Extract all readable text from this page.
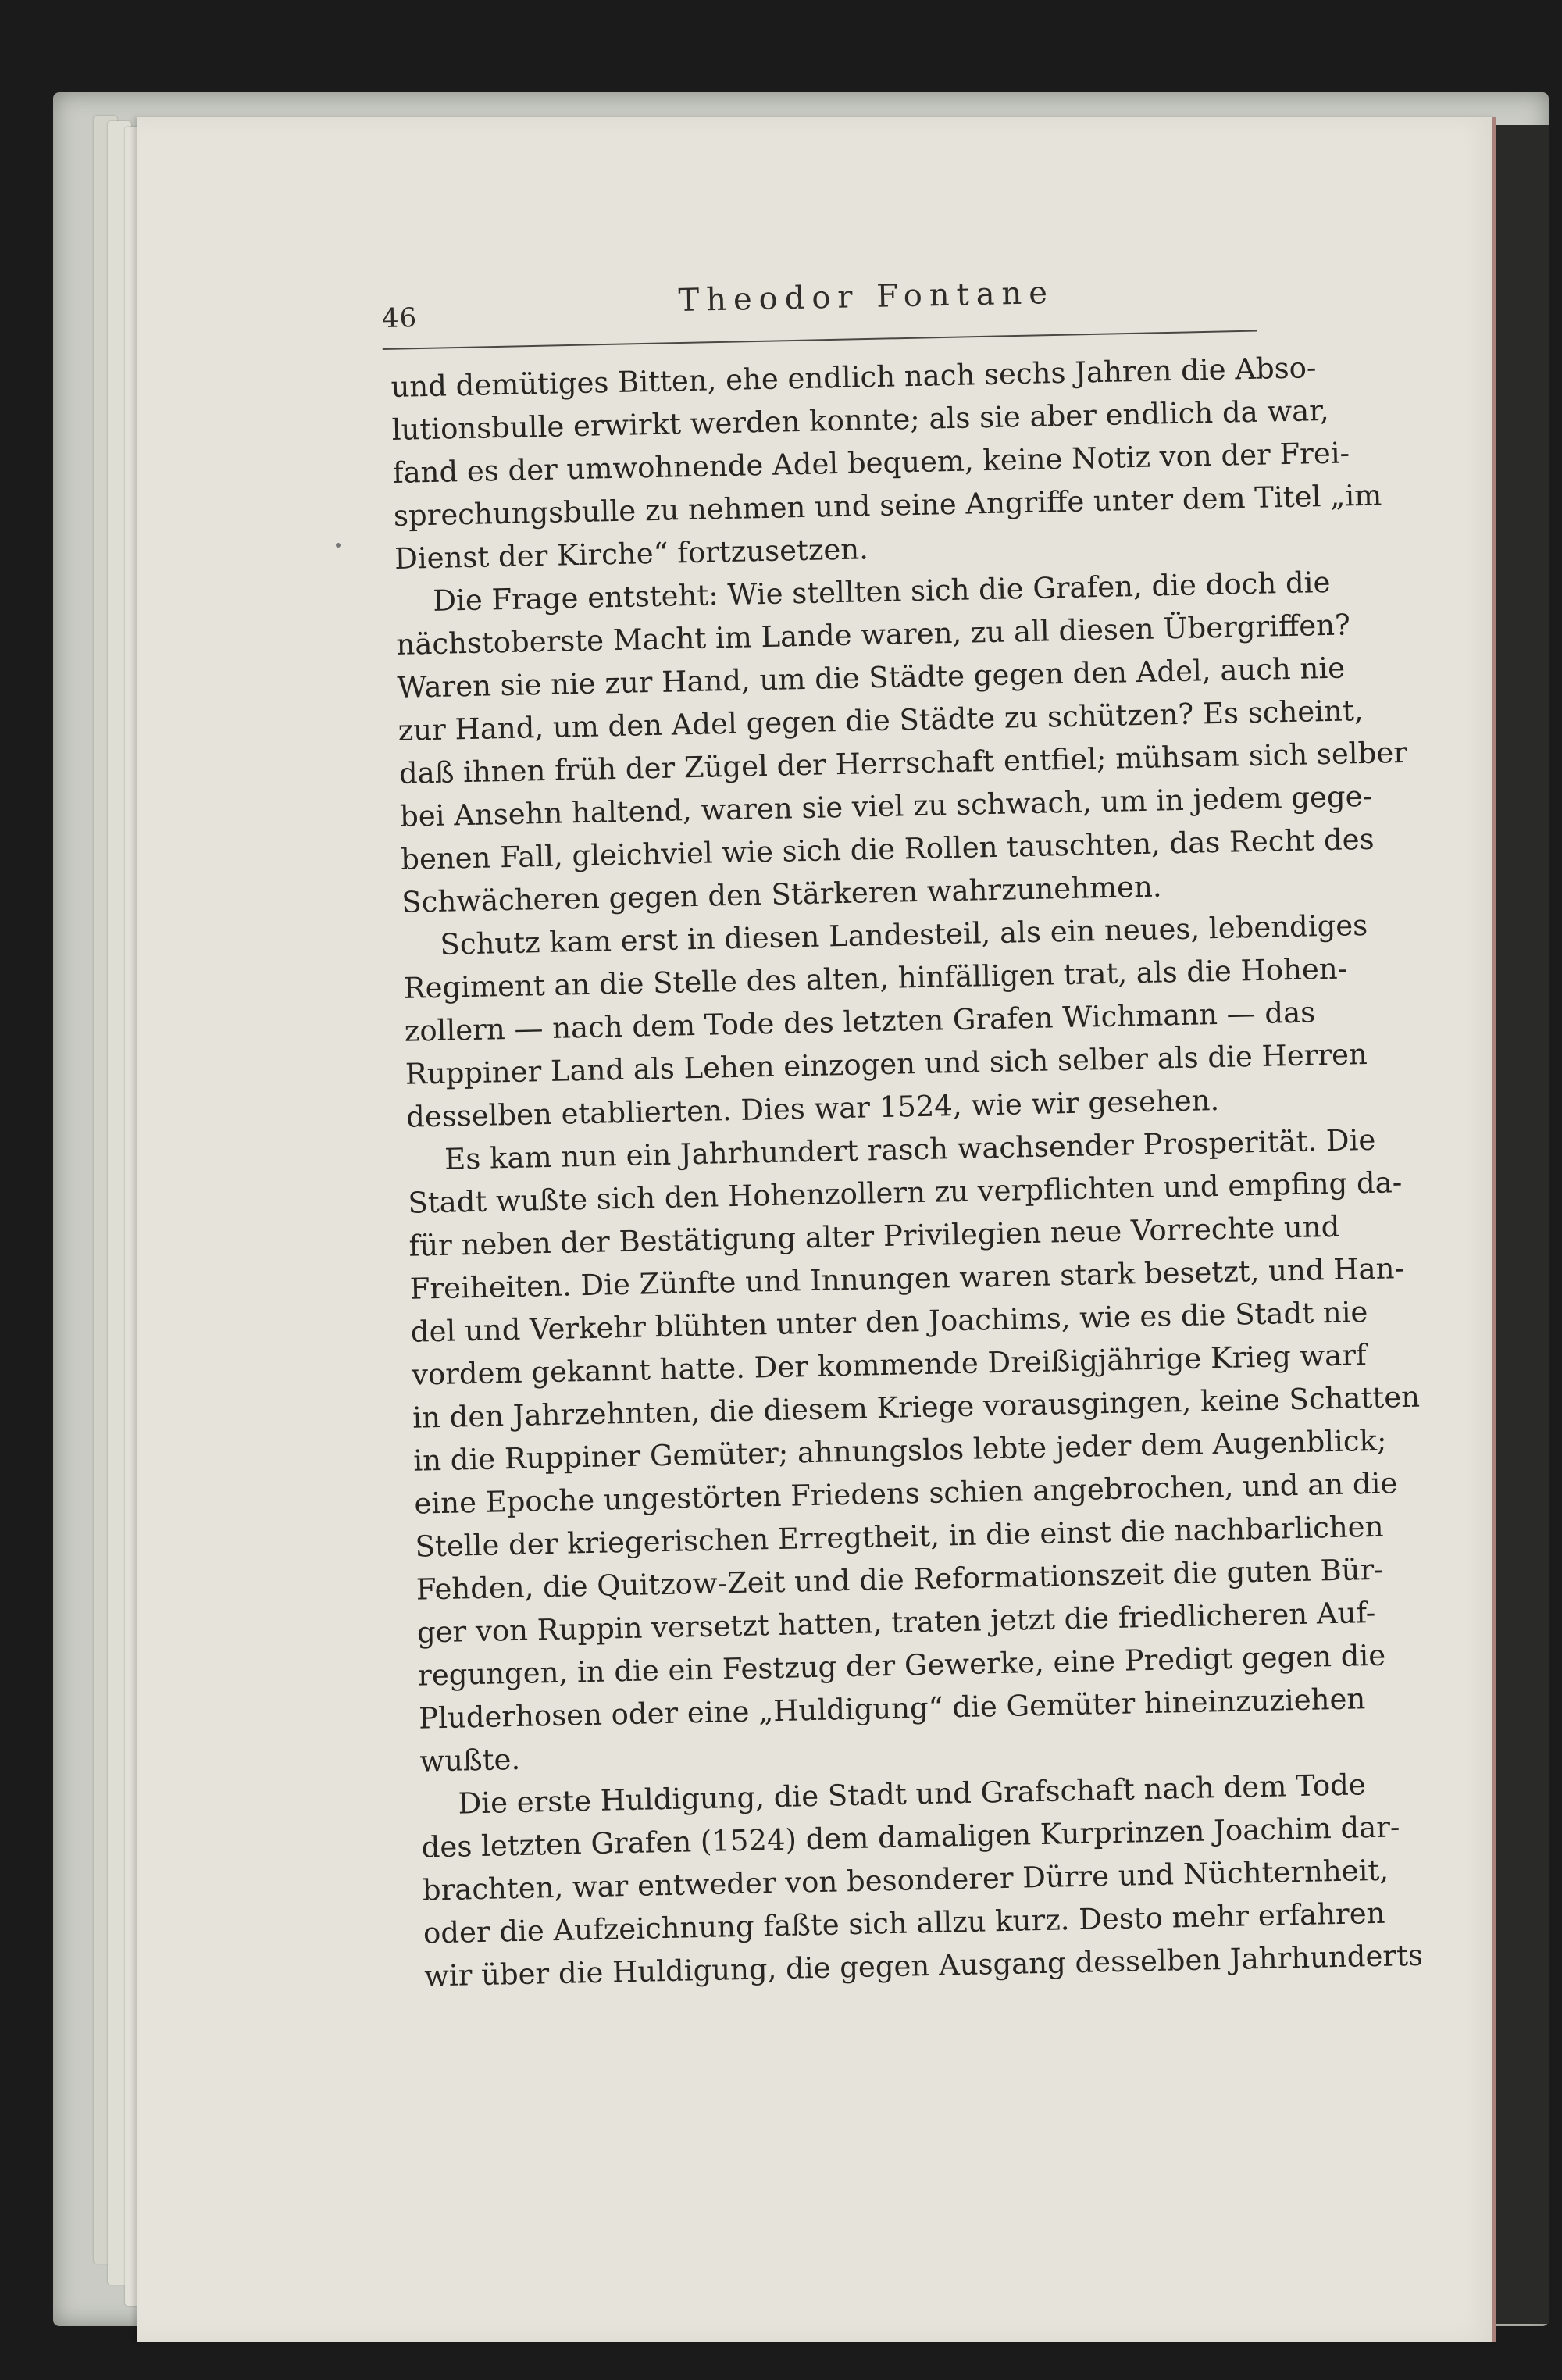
46	Theodor Fontane
und demütiges Bitten, ehe endlich nach sechs Jahren die Abso-
lutionsbulle erwirkt werden konnte; als sie aber endlich da war,
fand es der umwohnende Adel bequem, keine Notiz von der Frei-
sprechungsbulle zu nehmen und seine Angriffe unter dem Titel „im
Dienst der Kirche“ fortzusetzen.
Die Frage entsteht: Wie stellten sich die Grafen, die doch die
nächstoberste Macht im Lande waren, zu all diesen Übergriffen?
Waren sie nie zur Hand, um die Städte gegen den Adel, auch nie
zur Hand, um den Adel gegen die Städte zu schützen? Es scheint,
daß ihnen früh der Zügel der Herrschaft entfiel; mühsam sich selber
bei Ansehn haltend, waren sie viel zu schwach, um in jedem gege-
benen Fall, gleichviel wie sich die Rollen tauschten, das Recht des
Schwächeren gegen den Stärkeren wahrzunehmen.
Schutz kam erst in diesen Landesteil, als ein neues, lebendiges
Regiment an die Stelle des alten, hinfälligen trat, als die Hohen-
zollern — nach dem Tode des letzten Grafen Wichmann — das
Ruppiner Land als Lehen einzogen und sich selber als die Herren
desselben etablierten. Dies war 1524, wie wir gesehen.
Es kam nun ein Jahrhundert rasch wachsender Prosperität. Die
Stadt wußte sich den Hohenzollern zu verpflichten und empfing da-
für neben der Bestätigung alter Privilegien neue Vorrechte und
Freiheiten. Die Zünfte und Innungen waren stark besetzt, und Han-
del und Verkehr blühten unter den Joachims, wie es die Stadt nie
vordem gekannt hatte. Der kommende Dreißigjährige Krieg warf
in den Jahrzehnten, die diesem Kriege vorausgingen, keine Schatten
in die Ruppiner Gemüter; ahnungslos lebte jeder dem Augenblick;
eine Epoche ungestörten Friedens schien angebrochen, und an die
Stelle der kriegerischen Erregtheit, in die einst die nachbarlichen
Fehden, die Quitzow-Zeit und die Reformationszeit die guten Bür-
ger von Ruppin versetzt hatten, traten jetzt die friedlicheren Auf-
regungen, in die ein Festzug der Gewerke, eine Predigt gegen die
Pluderhosen oder eine „Huldigung“ die Gemüter hineinzuziehen
wußte.
Die erste Huldigung, die Stadt und Grafschaft nach dem Tode
des letzten Grafen (1524) dem damaligen Kurprinzen Joachim dar-
brachten, war entweder von besonderer Dürre und Nüchternheit,
oder die Aufzeichnung faßte sich allzu kurz. Desto mehr erfahren
wir über die Huldigung, die gegen Ausgang desselben Jahrhunderts
